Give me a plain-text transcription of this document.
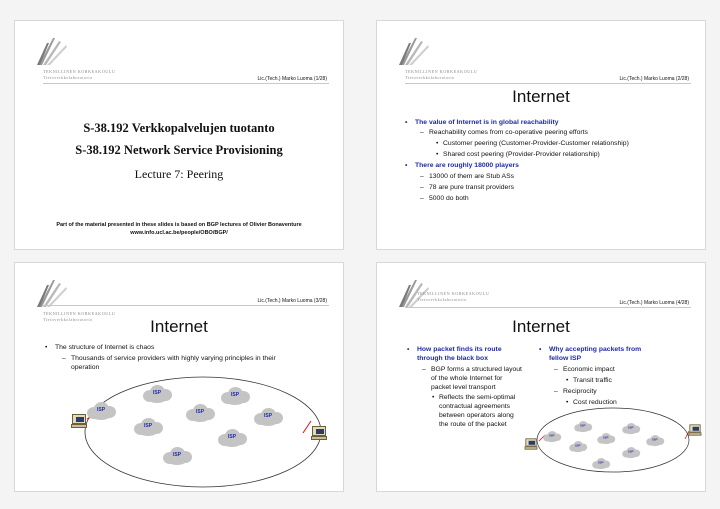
TEKNILLINEN KORKEAKOULU
Tietoverkkolaboratorio	Lic.(Tech.) Marko Luoma (1/28)
S-38.192 Verkkopalvelujen tuotanto
S-38.192 Network Service Provisioning
Lecture 7: Peering
Part of the material presented in these slides is based on BGP lectures of Olivier Bonaventure
www.info.ucl.ac.be/people/OBO/BGP/
TEKNILLINEN KORKEAKOULU
Tietoverkkolaboratorio	Lic.(Tech.) Marko Luoma (2/28)
Internet
• The value of Internet is in global reachability
– Reachability comes from co-operative peering efforts
• Customer peering (Customer-Provider-Customer relationship)
• Shared cost peering (Provider-Provider relationship)
• There are roughly 18000 players
– 13000 of them are Stub ASs
– 78 are pure transit providers
– 5000 do both
TEKNILLINEN KORKEAKOULU
Tietoverkkolaboratorio
Lic.(Tech.) Marko Luoma (3/28)
Internet
• The structure of Internet is chaos
– Thousands of service providers with highly varying principles in their
operation
ISP	ISP
ISP	ISP
ISP
ISP
ISP
ISP
TEKNILLINEN KORKEAKOULU
Tietoverkkolaboratorio
Lic.(Tech.) Marko Luoma (4/28)
Internet
• How packet finds its route
through the black box
– BGP forms a structured layout
of the whole Internet for
packet level transport
• Reflects the semi-optimal
contractual agreements
between operators along
the route of the packet
• Why accepting packets from
fellow ISP
– Economic impact
• Transit traffic
– Reciprocity
• Cost reduction
ISP
ISP
ISP
ISP
ISP
ISP
ISP
ISP
